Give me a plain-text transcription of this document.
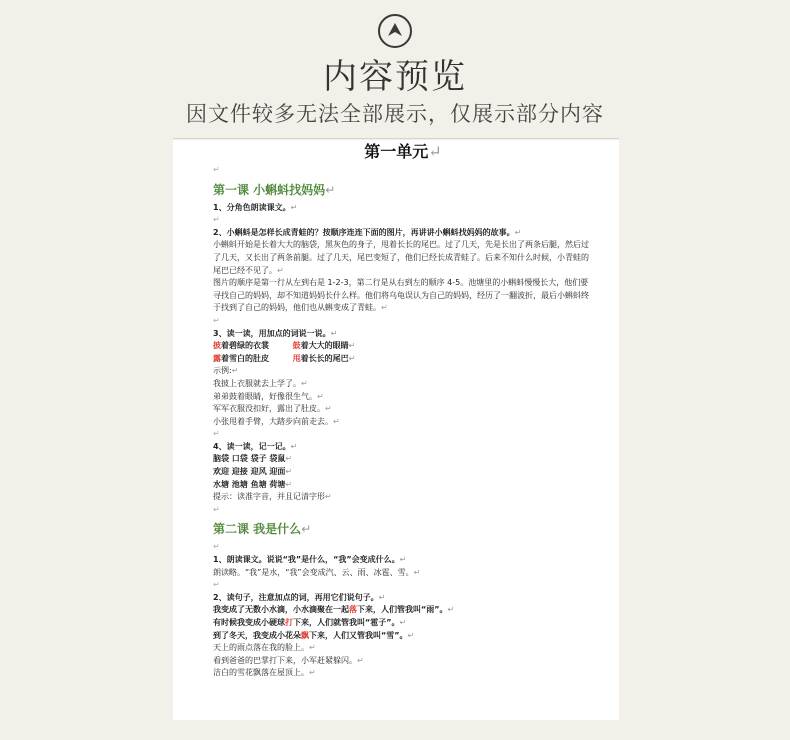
内容预览
因文件较多无法全部展示，仅展示部分内容
第一单元↵
↵
第一课 小蝌蚪找妈妈↵
1、分角色朗读课文。↵
↵
2、小蝌蚪是怎样长成青蛙的？按顺序连连下面的图片，再讲讲小蝌蚪找妈妈的故事。↵
小蝌蚪开始是长着大大的脑袋，黑灰色的身子，甩着长长的尾巴。过了几天，先是长出了两条后腿，然后过了几天，又长出了两条前腿。过了几天，尾巴变短了，他们已经长成青蛙了。后来不知什么时候，小青蛙的尾巴已经不见了。↵
图片的顺序是第一行从左到右是 1-2-3，第二行是从右到左的顺序 4-5。池塘里的小蝌蚪慢慢长大，他们要寻找自己的妈妈，却不知道妈妈长什么样。他们将乌龟误认为自己的妈妈，经历了一翻波折，最后小蝌蚪终于找到了自己的妈妈，他们也从蝌变成了青蛙。↵
↵
3、读一读，用加点的词说一说。↵
披着碧绿的衣裳	鼓着大大的眼睛↵
露着雪白的肚皮	甩着长长的尾巴↵
示例:↵
我披上衣服就去上学了。↵
弟弟鼓着眼睛，好像很生气。↵
军军衣服没扣好，露出了肚皮。↵
小张甩着手臂，大踏步向前走去。↵
↵
4、读一读，记一记。↵
脑袋 口袋 袋子 袋鼠↵
欢迎 迎接 迎风 迎面↵
水塘 池塘 鱼塘 荷塘↵
提示：读准字音，并且记清字形↵
↵
第二课 我是什么↵
↵
1、朗读课文。说说“我”是什么，“我”会变成什么。↵
朗读略。“我”是水，“我”会变成汽、云、雨、冰雹、雪。↵
↵
2、读句子，注意加点的词，再用它们说句子。↵
我变成了无数小水滴，小水滴聚在一起落下来，人们管我叫“雨”。↵
有时候我变成小硬球打下来，人们就管我叫“雹子”。↵
到了冬天，我变成小花朵飘下来，人们又管我叫“雪”。↵
天上的雨点落在我的脸上。↵
看到爸爸的巴掌打下来，小军赶紧躲闪。↵
洁白的雪花飘落在屋顶上。↵
